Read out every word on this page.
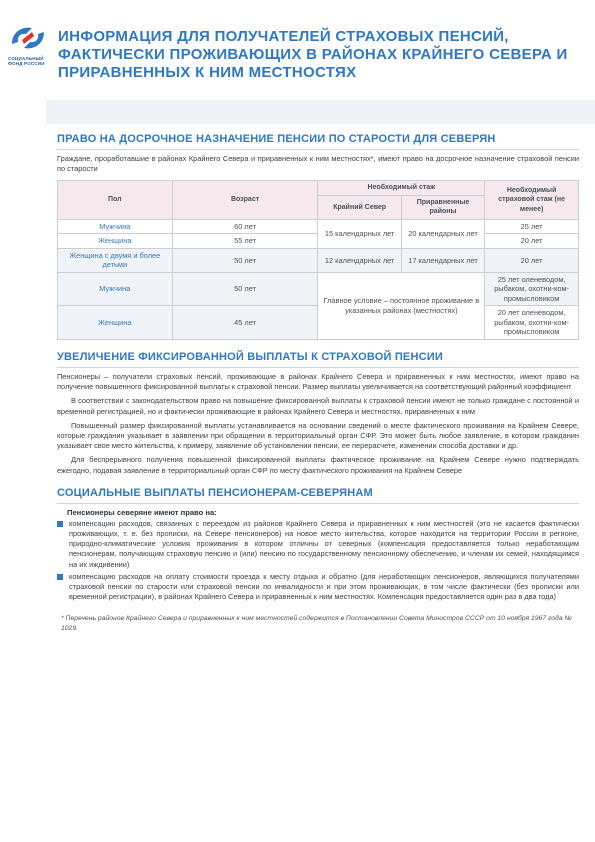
СОЦИАЛЬНЫЙ ФОНД РОССИИ
ИНФОРМАЦИЯ ДЛЯ ПОЛУЧАТЕЛЕЙ СТРАХОВЫХ ПЕНСИЙ, ФАКТИЧЕСКИ ПРОЖИВАЮЩИХ В РАЙОНАХ КРАЙНЕГО СЕВЕРА И ПРИРАВНЕННЫХ К НИМ МЕСТНОСТЯХ
ПРАВО НА ДОСРОЧНОЕ НАЗНАЧЕНИЕ ПЕНСИИ ПО СТАРОСТИ ДЛЯ СЕВЕРЯН

Граждане, проработавшие в районах Крайнего Севера и приравненных к ним местностях*, имеют право на досрочное назначение страховой пенсии по старости

Пол	Возраст	Необходимый стаж		Необходимый страховой стаж (не менее)
		Крайний Север	Приравненные районы	
Мужчина	60 лет	15 календарных лет	20 календарных лет	25 лет
Женщина	55 лет			20 лет
Женщина с двумя и более детьми	50 лет	12 календарных лет	17 календарных лет	20 лет
Мужчина	50 лет	Главное условие – постоянное проживание в указанных районах (местностях)		25 лет оленеводом, рыбаком, охотни-ком-промысловиком
Женщина	45 лет			20 лет оленеводом, рыбаком, охотни-ком-промысловиком
УВЕЛИЧЕНИЕ ФИКСИРОВАННОЙ ВЫПЛАТЫ К СТРАХОВОЙ ПЕНСИИ

Пенсионеры – получатели страховых пенсий, проживающие в районах Крайнего Севера и приравненных к ним местностях, имеют право на получение повышенного фиксированной выплаты к страховой пенсии. Размер выплаты увеличивается на соответствующий районный коэффициент

В соответствии с законодательством право на повышение фиксированной выплаты к страховой пенсии имеют не только граждане с постоянной и временной регистрацией, но и фактически проживающие в районах Крайнего Севера и местностях, приравненных к ним

Повышенный размер фиксированной выплаты устанавливается на основании сведений о месте фактического проживания на Крайнем Севере, которые гражданин указывает в заявлении при обращении в территориальный орган СФР. Это может быть любое заявление, в котором гражданин указывает свое место жительства, к примеру, заявление об установлении пенсии, ее перерасчете, изменении способа доставки и др.

Для беспрерывного получения повышенной фиксированной выплаты фактическое проживание на Крайнем Севере нужно подтверждать ежегодно, подавая заявление в территориальный орган СФР по месту фактического проживания на Крайнем Севере

СОЦИАЛЬНЫЕ ВЫПЛАТЫ ПЕНСИОНЕРАМ-СЕВЕРЯНАМ
Пенсионеры северяне имеют право на:
компенсацию расходов, связанных с переездом из районов Крайнего Севера и приравненных к ним местностей (это не касается фактически проживающих, т. е. без прописки, на Севере пенсионеров) на новое место жительства, которое находится на территории России в регионе, природно-климатические условия проживания в котором отличны от северных (компенсация предоставляется только неработающим пенсионерам, получающим страховую пенсию и (или) пенсию по государственному пенсионному обеспечению, и членам их семей, находящимся на их иждивении)
компенсацию расходов на оплату стоимости проезда к месту отдыха и обратно (для неработающих пенсионеров, являющихся получателями страховой пенсии по старости или страховой пенсии по инвалидности и при этом проживающих, в том числе фактически (без прописки или временной регистрации), в районах Крайнего Севера и приравненных к ним местностях. Компенсация предоставляется один раз в два года)
* Перечень районов Крайнего Севера и приравненных к ним местностей содержится в Постановлении Совета Министров СССР от 10 ноября 1967 года № 1029.
